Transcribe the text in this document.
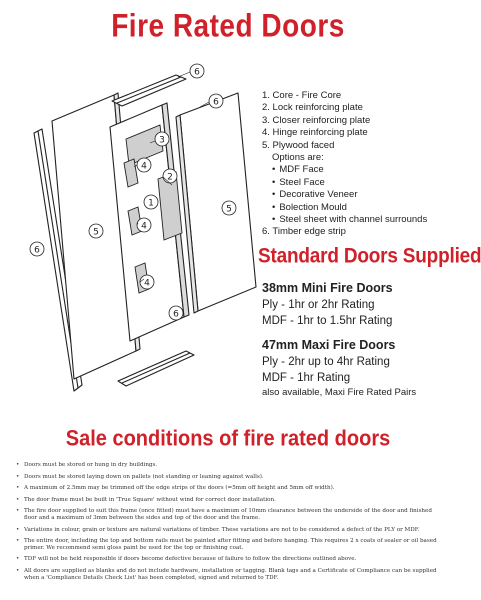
Fire Rated Doors
6
6
3
4
2
1
4
5
5
6
4
6
1. Core - Fire Core
2. Lock reinforcing plate
3. Closer reinforcing plate
4. Hinge reinforcing plate
5. Plywood faced
Options are:
• MDF Face
• Steel Face
• Decorative Veneer
• Bolection Mould
• Steel sheet with channel surrounds
6. Timber edge strip
Standard Doors Supplied
38mm Mini Fire Doors
Ply - 1hr or 2hr Rating
MDF - 1hr to 1.5hr Rating
47mm Maxi Fire Doors
Ply - 2hr up to 4hr Rating
MDF - 1hr Rating
also available, Maxi Fire Rated Pairs
Sale conditions of fire rated doors
• Doors must be stored or hung in dry buildings.
• Doors must be stored laying down on pallets (not standing or leaning against walls).
• A maximum of 2.5mm may be trimmed off the edge strips of the doors (=5mm off height and 5mm off width).
• The door frame must be built in 'True Square' without wind for correct door installation.
• The fire door supplied to suit this frame (once fitted) must have a maximum of 10mm clearance between the underside of the door and finished floor and a maximum of 3mm between the sides and top of the door and the frame.
• Variations in colour, grain or texture are natural variations of timber. These variations are not to be considered a defect of the PLY or MDF.
• The entire door, including the top and bottom rails must be painted after fitting and before hanging. This requires 2 x coats of sealer or oil based primer. We recommend semi gloss paint be used for the top or finishing coat.
• TDF will not be held responsible if doors become defective because of failure to follow the directions outlined above.
• All doors are supplied as blanks and do not include hardware, installation or tagging. Blank tags and a Certificate of Compliance can be supplied when a 'Compliance Details Check List' has been completed, signed and returned to TDF.
